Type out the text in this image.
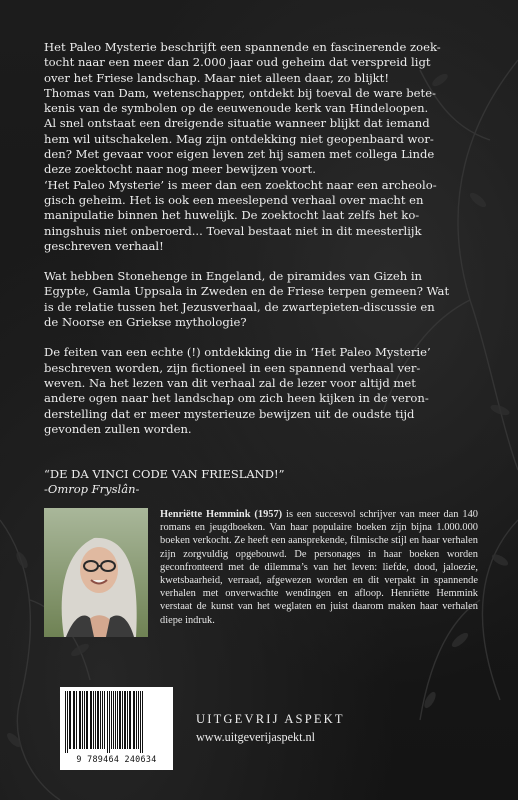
Het Paleo Mysterie beschrijft een spannende en fascinerende zoek-
tocht naar een meer dan 2.000 jaar oud geheim dat verspreid ligt
over het Friese landschap. Maar niet alleen daar, zo blijkt!
Thomas van Dam, wetenschapper, ontdekt bij toeval de ware bete-
kenis van de symbolen op de eeuwenoude kerk van Hindeloopen.
Al snel ontstaat een dreigende situatie wanneer blijkt dat iemand
hem wil uitschakelen. Mag zijn ontdekking niet geopenbaard wor-
den? Met gevaar voor eigen leven zet hij samen met collega Linde
deze zoektocht naar nog meer bewijzen voort.
‘Het Paleo Mysterie’ is meer dan een zoektocht naar een archeolo-
gisch geheim. Het is ook een meeslepend verhaal over macht en
manipulatie binnen het huwelijk. De zoektocht laat zelfs het ko-
ningshuis niet onberoerd... Toeval bestaat niet in dit meesterlijk
geschreven verhaal!

Wat hebben Stonehenge in Engeland, de piramides van Gizeh in
Egypte, Gamla Uppsala in Zweden en de Friese terpen gemeen? Wat
is de relatie tussen het Jezusverhaal, de zwartepieten-discussie en
de Noorse en Griekse mythologie?

De feiten van een echte (!) ontdekking die in ‘Het Paleo Mysterie’
beschreven worden, zijn fictioneel in een spannend verhaal ver-
weven. Na het lezen van dit verhaal zal de lezer voor altijd met
andere ogen naar het landschap om zich heen kijken in de veron-
derstelling dat er meer mysterieuze bewijzen uit de oudste tijd
gevonden zullen worden.

“DE DA VINCI CODE VAN FRIESLAND!”
-Omrop Fryslân-
Henriëtte Hemmink (1957) is een succesvol schrijver van meer dan 140 romans en jeugdboeken. Van haar populaire boeken zijn bijna 1.000.000 boeken verkocht. Ze heeft een aansprekende, filmische stijl en haar verhalen zijn zorgvuldig opgebouwd. De personages in haar boeken worden geconfronteerd met de dilemma’s van het leven: liefde, dood, jaloezie, kwetsbaarheid, verraad, afgewezen worden en dit verpakt in spannende verhalen met onverwachte wendingen en afloop. Henriëtte Hemmink verstaat de kunst van het weglaten en juist daarom maken haar verhalen diepe indruk.
9 789464 240634
UITGEVRIJ ASPEKT
www.uitgeverijaspekt.nl
